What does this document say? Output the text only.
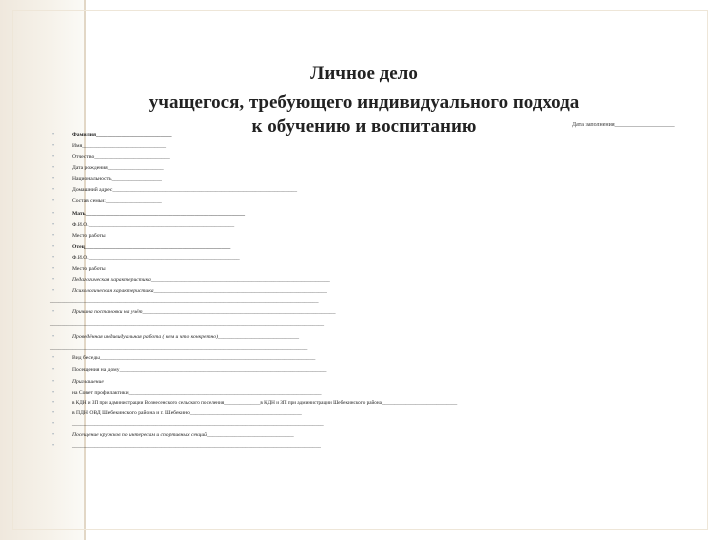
Личное дело
учащегося, требующего индивидуального подхода
к обучению и воспитанию	Дата заполнения____________________
•	Фамилия___________________________
•	Имя______________________________
•	Отчество___________________________
•	Дата рождения____________________
•	Национальность__________________
•	Домашний адрес__________________________________________________________________
•	Состав семьи:____________________
•	Мать_________________________________________________________
•	Ф.И.О.____________________________________________________
•	Место работы
•	Отец____________________________________________________
•	Ф.И.О.______________________________________________________
•	Место работы
•	Педагогическая характеристика________________________________________________________________
•	Психологическая характеристика______________________________________________________________
________________________________________________________________________________________________
•	Причина постановки на учёт_____________________________________________________________________
__________________________________________________________________________________________________
•	Проведённая индивидуальная работа ( кем и что конкретно)_____________________________
____________________________________________________________________________________________
•	Вид беседы_____________________________________________________________________________
•	Посещения на дому__________________________________________________________________________
•	Приглашение
•	на Совет профилактики_____________________________________________________________________
•	в КДН и ЗП при администрации Вознесенского сельского поселения______________в КДН и ЗП при администрации Шебекинского района_____________________________
•	в ПДН ОВД Шебекинского района и г. Шебекино________________________________________
•	__________________________________________________________________________________________
•	Посещение кружков по интересам и спортивных секций_______________________________
•	_________________________________________________________________________________________
